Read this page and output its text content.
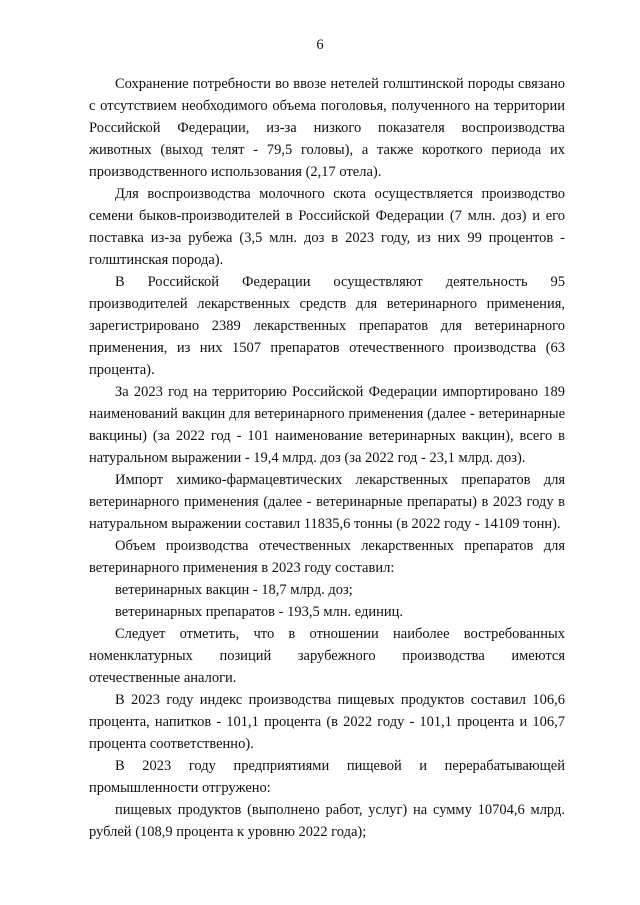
6

Сохранение потребности во ввозе нетелей голштинской породы связано с отсутствием необходимого объема поголовья, полученного на территории Российской Федерации, из-за низкого показателя воспроизводства животных (выход телят - 79,5 головы), а также короткого периода их производственного использования (2,17 отела).

Для воспроизводства молочного скота осуществляется производство семени быков-производителей в Российской Федерации (7 млн. доз) и его поставка из-за рубежа (3,5 млн. доз в 2023 году, из них 99 процентов - голштинская порода).

В Российской Федерации осуществляют деятельность 95 производителей лекарственных средств для ветеринарного применения, зарегистрировано 2389 лекарственных препаратов для ветеринарного применения, из них 1507 препаратов отечественного производства (63 процента).

За 2023 год на территорию Российской Федерации импортировано 189 наименований вакцин для ветеринарного применения (далее - ветеринарные вакцины) (за 2022 год - 101 наименование ветеринарных вакцин), всего в натуральном выражении - 19,4 млрд. доз (за 2022 год - 23,1 млрд. доз).

Импорт химико-фармацевтических лекарственных препаратов для ветеринарного применения (далее - ветеринарные препараты) в 2023 году в натуральном выражении составил 11835,6 тонны (в 2022 году - 14109 тонн).

Объем производства отечественных лекарственных препаратов для ветеринарного применения в 2023 году составил:

ветеринарных вакцин - 18,7 млрд. доз;

ветеринарных препаратов - 193,5 млн. единиц.

Следует отметить, что в отношении наиболее востребованных номенклатурных позиций зарубежного производства имеются отечественные аналоги.

В 2023 году индекс производства пищевых продуктов составил 106,6 процента, напитков - 101,1 процента (в 2022 году - 101,1 процента и 106,7 процента соответственно).

В 2023 году предприятиями пищевой и перерабатывающей промышленности отгружено:

пищевых продуктов (выполнено работ, услуг) на сумму 10704,6 млрд. рублей (108,9 процента к уровню 2022 года);
